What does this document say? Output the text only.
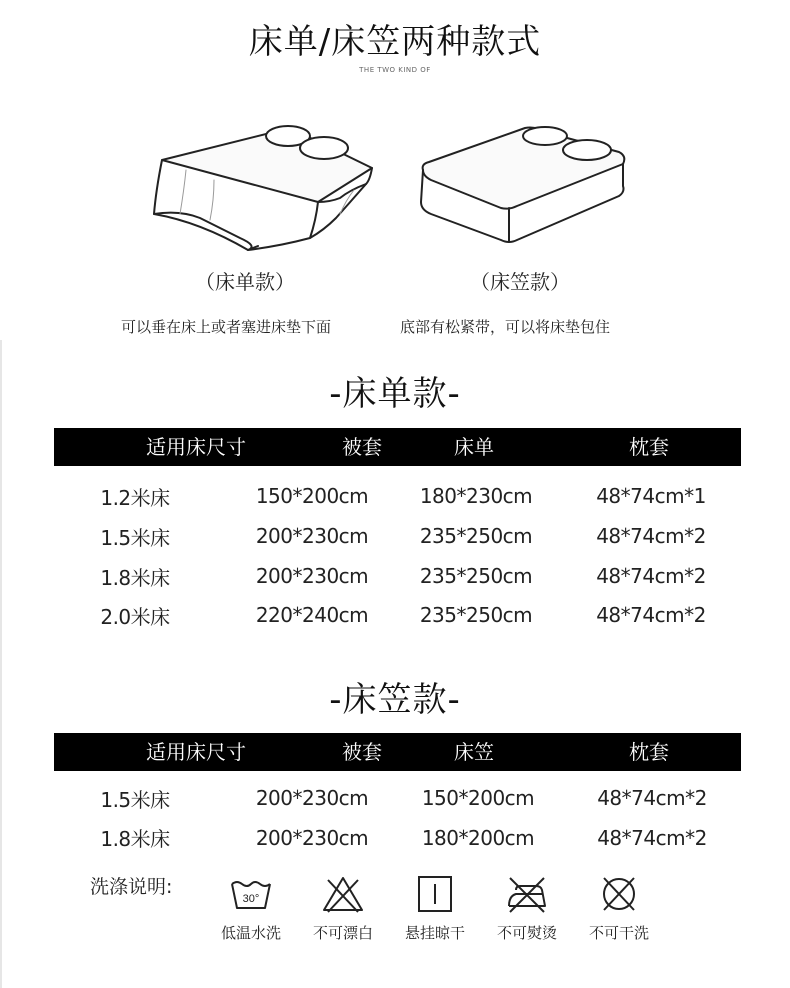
床单/床笠两种款式
THE TWO KIND OF
（床单款）	（床笠款）
可以垂在床上或者塞进床垫下面	底部有松紧带，可以将床垫包住
-床单款-
适用床尺寸	被套	床单	枕套
1.2米床	150*200cm	180*230cm	48*74cm*1
1.5米床	200*230cm	235*250cm	48*74cm*2
1.8米床	200*230cm	235*250cm	48*74cm*2
2.0米床	220*240cm	235*250cm	48*74cm*2
-床笠款-
适用床尺寸	被套	床笠	枕套
1.5米床	200*230cm	150*200cm	48*74cm*2
1.8米床	200*230cm	180*200cm	48*74cm*2
洗涤说明:
30°
低温水洗	不可漂白	悬挂晾干	不可熨烫	不可干洗
